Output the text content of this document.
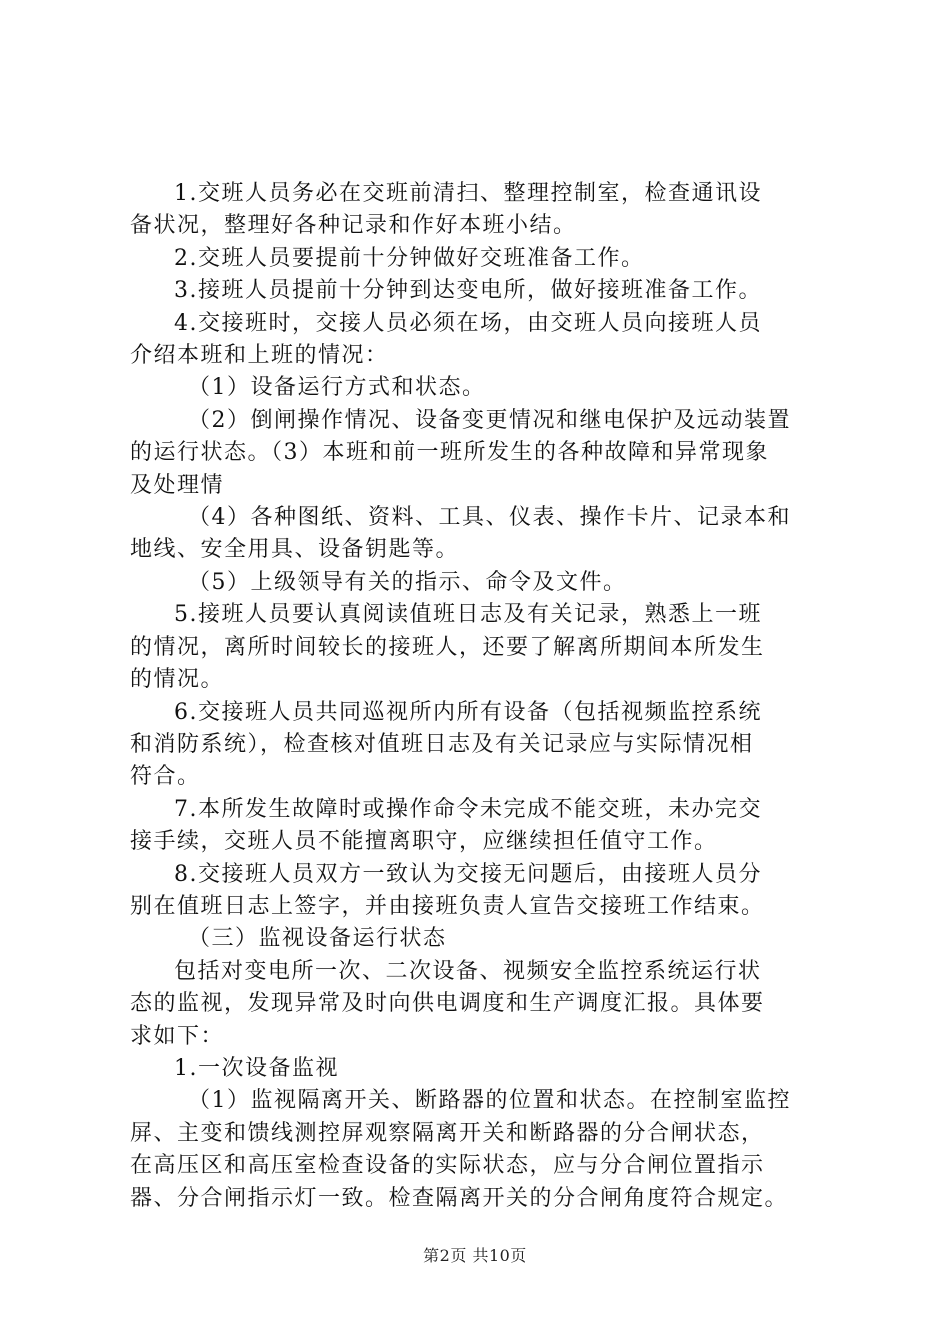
1.交班人员务必在交班前清扫、整理控制室，检查通讯设

备状况，整理好各种记录和作好本班小结。

2.交班人员要提前十分钟做好交班准备工作。

3.接班人员提前十分钟到达变电所，做好接班准备工作。

4.交接班时，交接人员必须在场，由交班人员向接班人员

介绍本班和上班的情况：

（1）设备运行方式和状态。

（2）倒闸操作情况、设备变更情况和继电保护及远动装置

的运行状态。（3）本班和前一班所发生的各种故障和异常现象

及处理情

（4）各种图纸、资料、工具、仪表、操作卡片、记录本和

地线、安全用具、设备钥匙等。

（5）上级领导有关的指示、命令及文件。

5.接班人员要认真阅读值班日志及有关记录，熟悉上一班

的情况，离所时间较长的接班人，还要了解离所期间本所发生

的情况。

6.交接班人员共同巡视所内所有设备（包括视频监控系统

和消防系统），检查核对值班日志及有关记录应与实际情况相

符合。

7.本所发生故障时或操作命令未完成不能交班，未办完交

接手续，交班人员不能擅离职守，应继续担任值守工作。

8.交接班人员双方一致认为交接无问题后，由接班人员分

别在值班日志上签字，并由接班负责人宣告交接班工作结束。

（三）监视设备运行状态

包括对变电所一次、二次设备、视频安全监控系统运行状

态的监视，发现异常及时向供电调度和生产调度汇报。具体要

求如下：

1.一次设备监视

（1）监视隔离开关、断路器的位置和状态。在控制室监控

屏、主变和馈线测控屏观察隔离开关和断路器的分合闸状态，

在高压区和高压室检查设备的实际状态，应与分合闸位置指示

器、分合闸指示灯一致。检查隔离开关的分合闸角度符合规定。

第2页 共10页
